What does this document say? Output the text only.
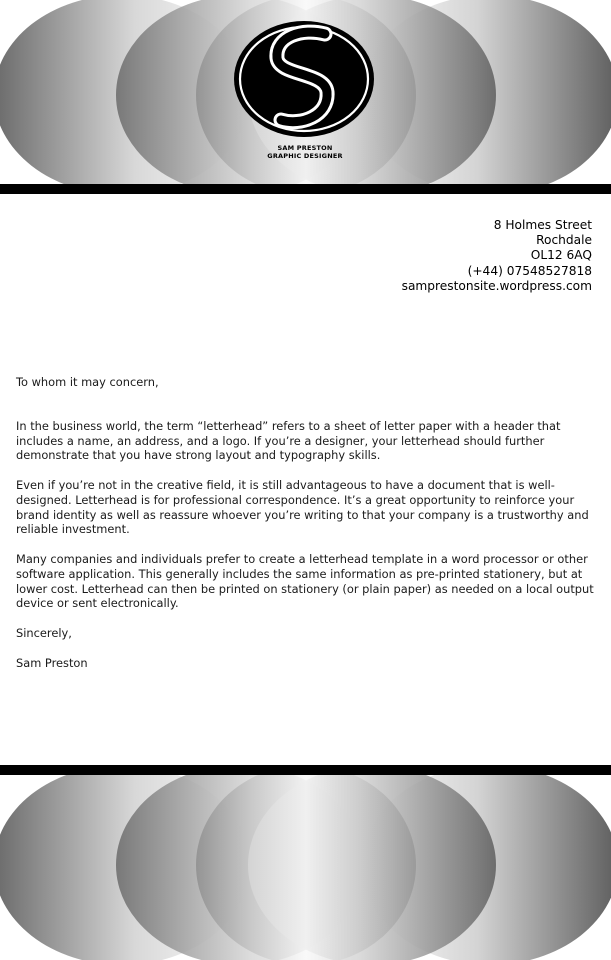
SAM PRESTON
GRAPHIC DESIGNER
8 Holmes Street
Rochdale
OL12 6AQ
(+44) 07548527818
samprestonsite.wordpress.com

To whom it may concern,

In the business world, the term “letterhead” refers to a sheet of letter paper with a header that includes a name, an address, and a logo. If you’re a designer, your letterhead should further demonstrate that you have strong layout and typography skills.

Even if you’re not in the creative field, it is still advantageous to have a document that is well-designed. Letterhead is for professional correspondence. It’s a great opportunity to reinforce your brand identity as well as reassure whoever you’re writing to that your company is a trustworthy and reliable investment.

Many companies and individuals prefer to create a letterhead template in a word processor or other software application. This generally includes the same information as pre-printed stationery, but at lower cost. Letterhead can then be printed on stationery (or plain paper) as needed on a local output device or sent electronically.

Sincerely,

Sam Preston
